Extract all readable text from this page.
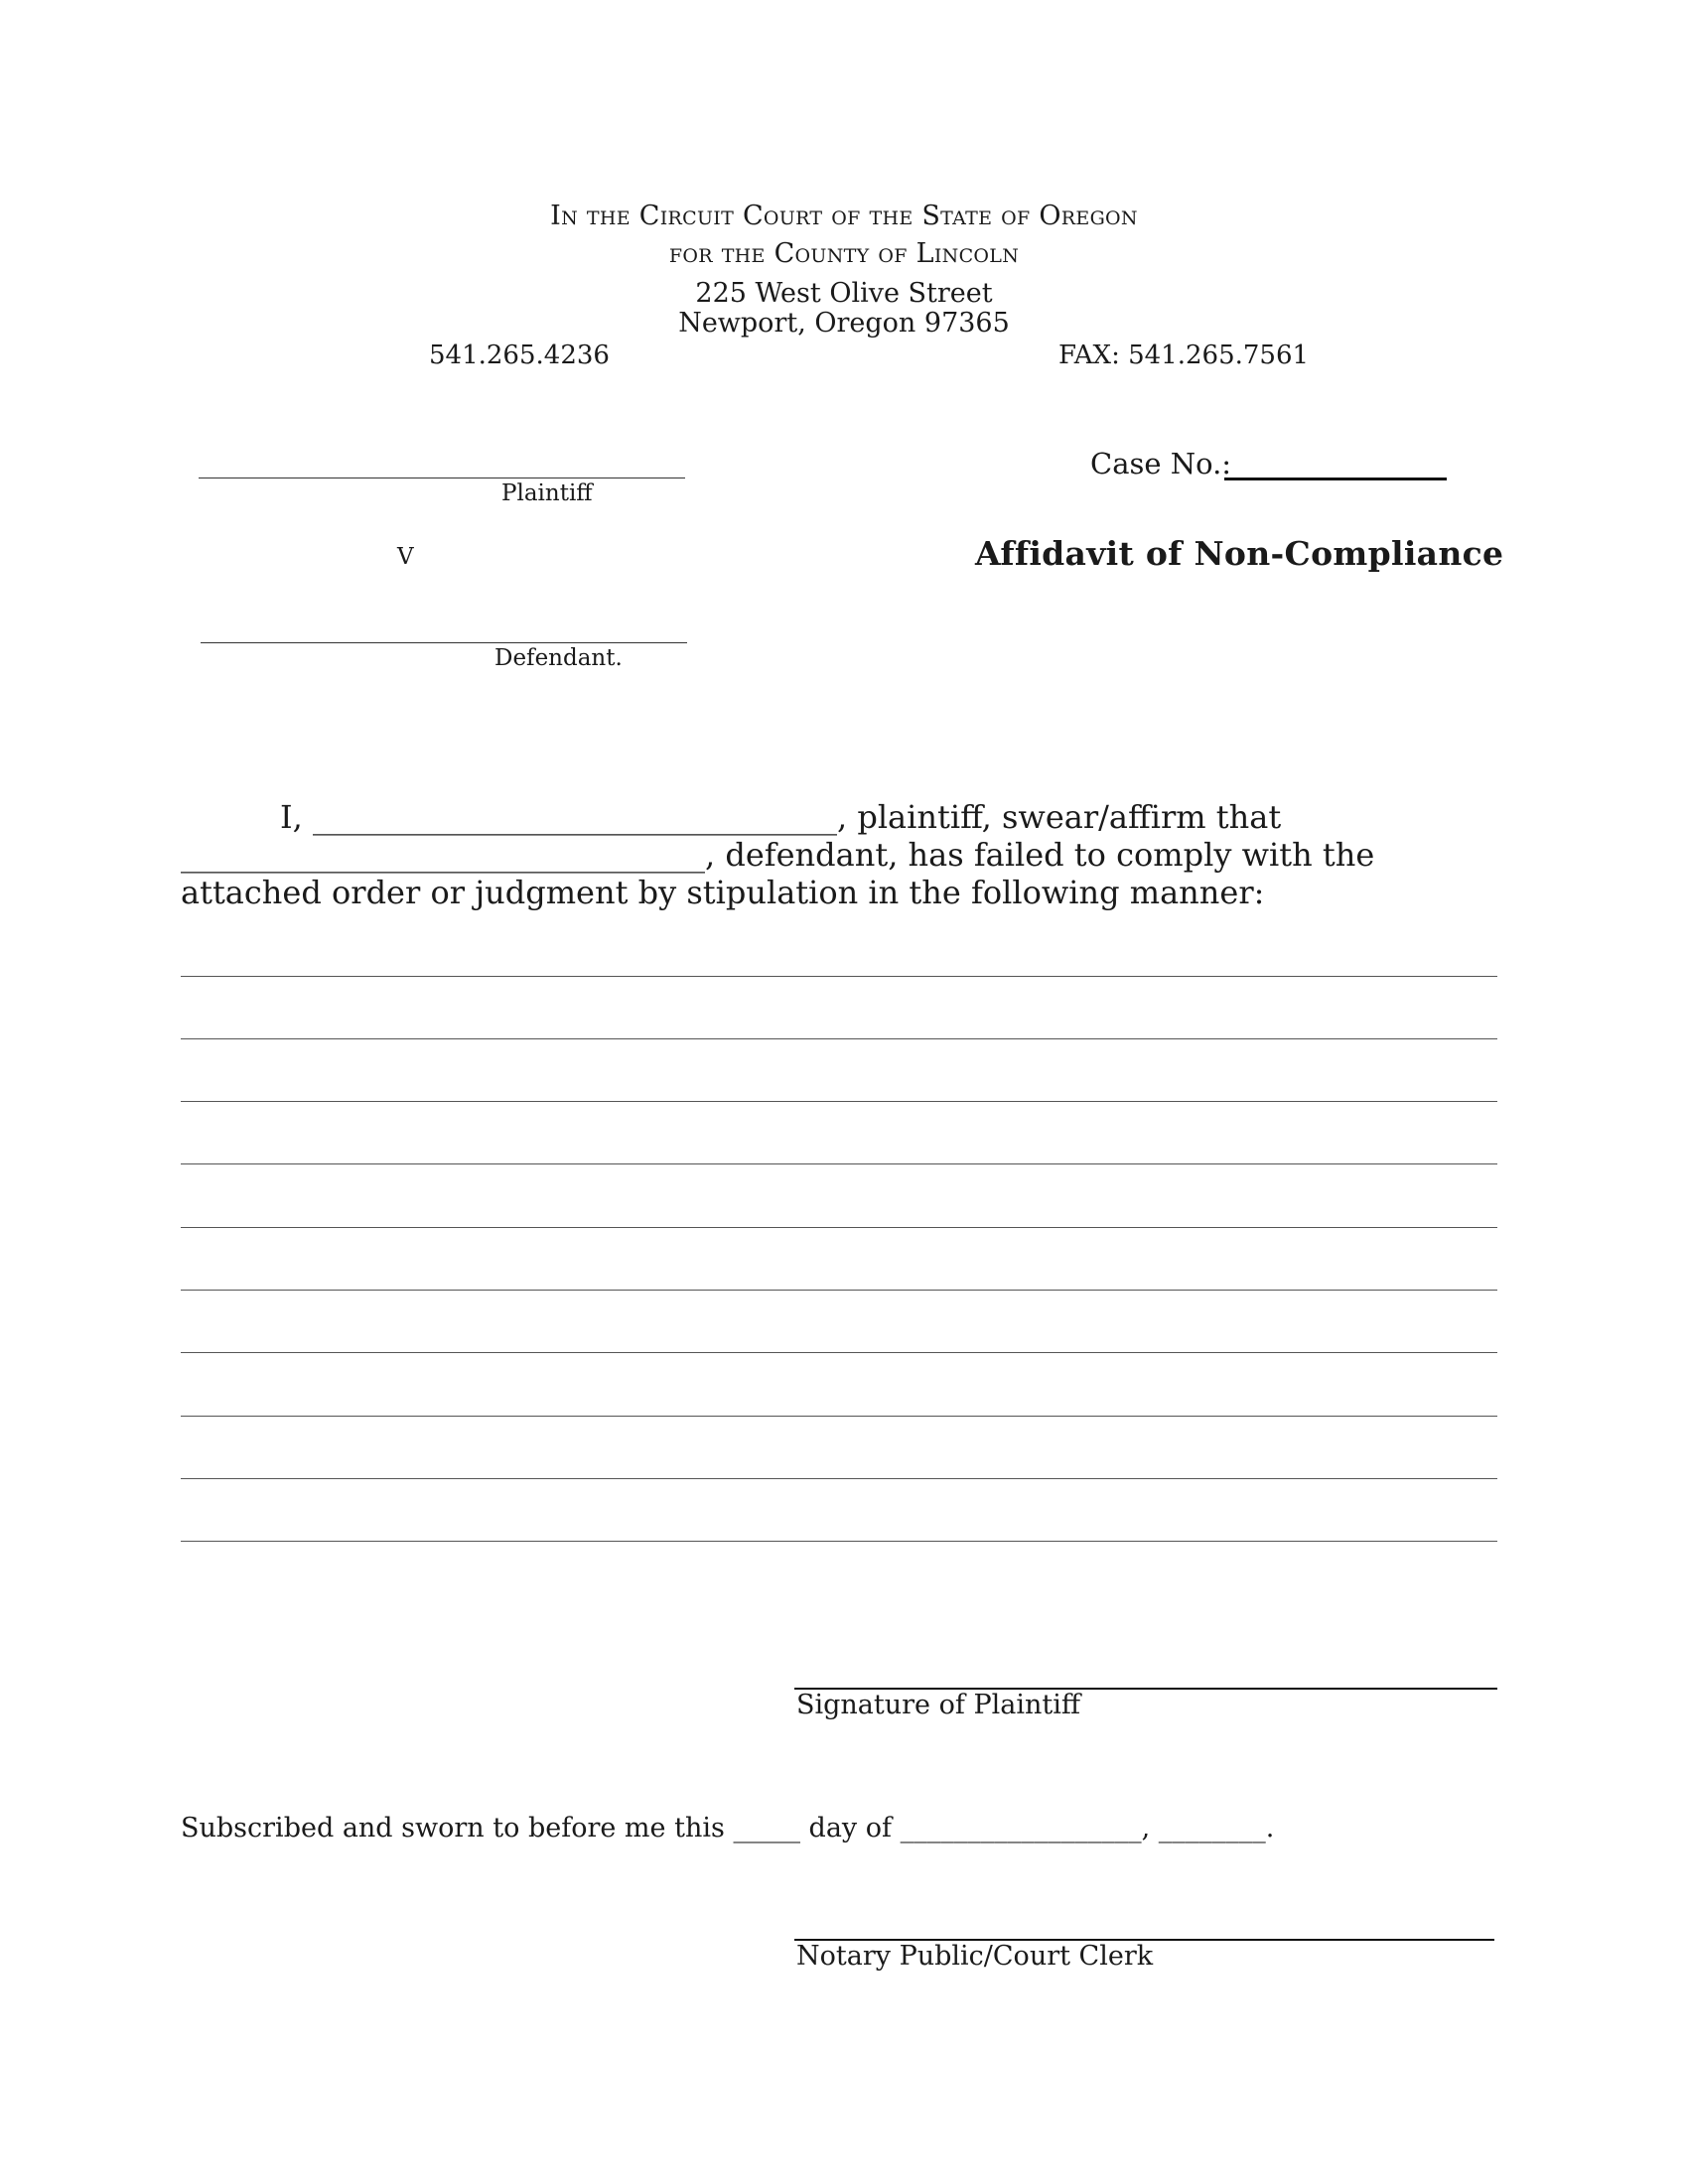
In the Circuit Court of the State of Oregon
for the County of Lincoln
225 West Olive Street
Newport, Oregon 97365
541.265.4236	FAX: 541.265.7561
Plaintiff
V
Defendant.
Case No.:
Affidavit of Non-Compliance
I, _________________________________, plaintiff, swear/affirm that
_________________________________, defendant, has failed to comply with the
attached order or judgment by stipulation in the following manner:
Signature of Plaintiff
Subscribed and sworn to before me this _____ day of __________________, ________.
Notary Public/Court Clerk
